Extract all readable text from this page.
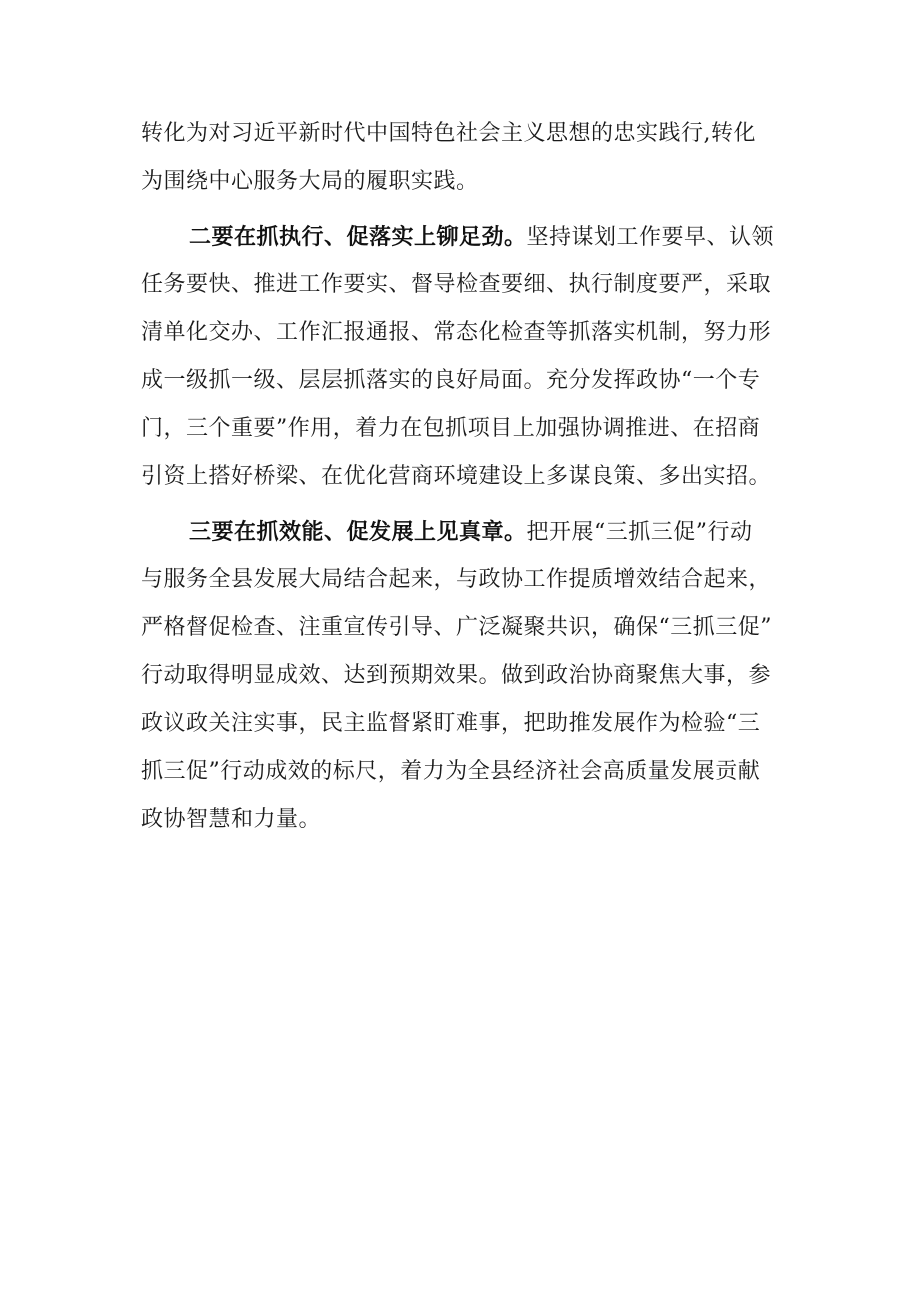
转化为对习近平新时代中国特色社会主义思想的忠实践行,转化
为围绕中心服务大局的履职实践。
二要在抓执行、促落实上铆足劲。坚持谋划工作要早、认领
任务要快、推进工作要实、督导检查要细、执行制度要严，采取
清单化交办、工作汇报通报、常态化检查等抓落实机制，努力形
成一级抓一级、层层抓落实的良好局面。充分发挥政协“一个专
门，三个重要”作用，着力在包抓项目上加强协调推进、在招商
引资上搭好桥梁、在优化营商环境建设上多谋良策、多出实招。
三要在抓效能、促发展上见真章。把开展“三抓三促”行动
与服务全县发展大局结合起来，与政协工作提质增效结合起来，
严格督促检查、注重宣传引导、广泛凝聚共识，确保“三抓三促”
行动取得明显成效、达到预期效果。做到政治协商聚焦大事，参
政议政关注实事，民主监督紧盯难事，把助推发展作为检验“三
抓三促”行动成效的标尺，着力为全县经济社会高质量发展贡献
政协智慧和力量。
